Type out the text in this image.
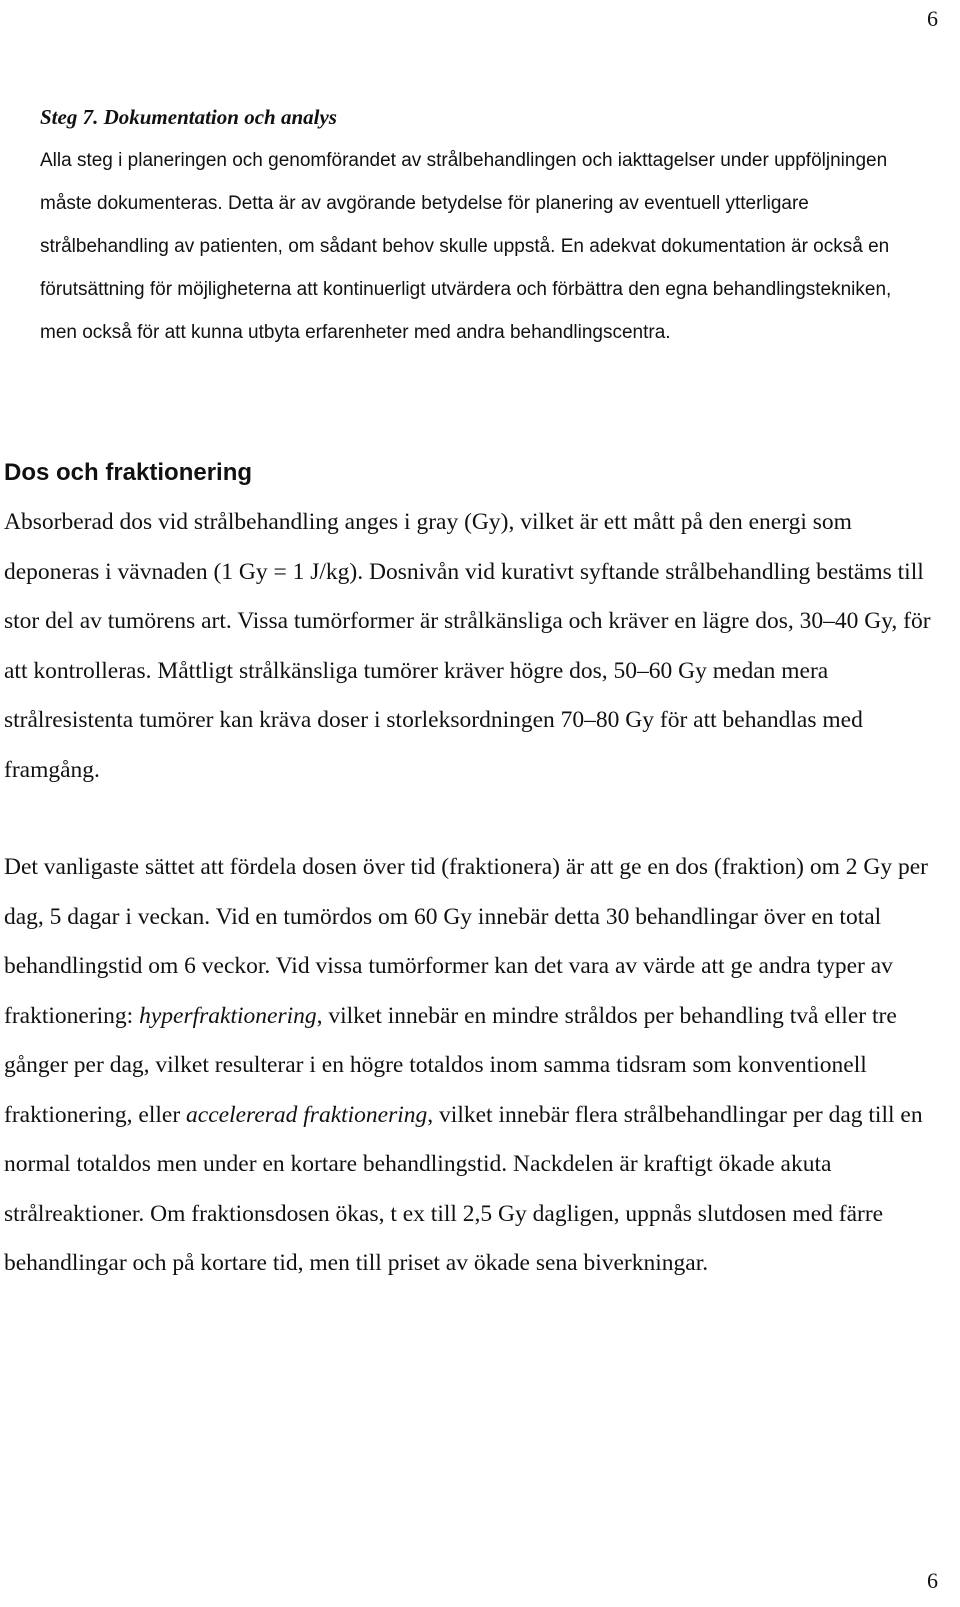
6
Steg 7. Dokumentation och analys

Alla steg i planeringen och genomförandet av strålbehandlingen och iakttagelser under uppföljningen måste dokumenteras. Detta är av avgörande betydelse för planering av eventuell ytterligare strålbehandling av patienten, om sådant behov skulle uppstå. En adekvat dokumentation är också en förutsättning för möjligheterna att kontinuerligt utvärdera och förbättra den egna behandlingstekniken, men också för att kunna utbyta erfarenheter med andra behandlingscentra.

Dos och fraktionering

Absorberad dos vid strålbehandling anges i gray (Gy), vilket är ett mått på den energi som deponeras i vävnaden (1 Gy = 1 J/kg). Dosnivån vid kurativt syftande strålbehandling bestäms till stor del av tumörens art. Vissa tumörformer är strålkänsliga och kräver en lägre dos, 30–40 Gy, för att kontrolleras. Måttligt strålkänsliga tumörer kräver högre dos, 50–60 Gy medan mera strålresistenta tumörer kan kräva doser i storleksordningen 70–80 Gy för att behandlas med framgång.

Det vanligaste sättet att fördela dosen över tid (fraktionera) är att ge en dos (fraktion) om 2 Gy per dag, 5 dagar i veckan. Vid en tumördos om 60 Gy innebär detta 30 behandlingar över en total behandlingstid om 6 veckor. Vid vissa tumörformer kan det vara av värde att ge andra typer av fraktionering: hyperfraktionering, vilket innebär en mindre stråldos per behandling två eller tre gånger per dag, vilket resulterar i en högre totaldos inom samma tidsram som konventionell fraktionering, eller accelererad fraktionering, vilket innebär flera strålbehandlingar per dag till en normal totaldos men under en kortare behandlingstid. Nackdelen är kraftigt ökade akuta strålreaktioner. Om fraktionsdosen ökas, t ex till 2,5 Gy dagligen, uppnås slutdosen med färre behandlingar och på kortare tid, men till priset av ökade sena biverkningar.

6
